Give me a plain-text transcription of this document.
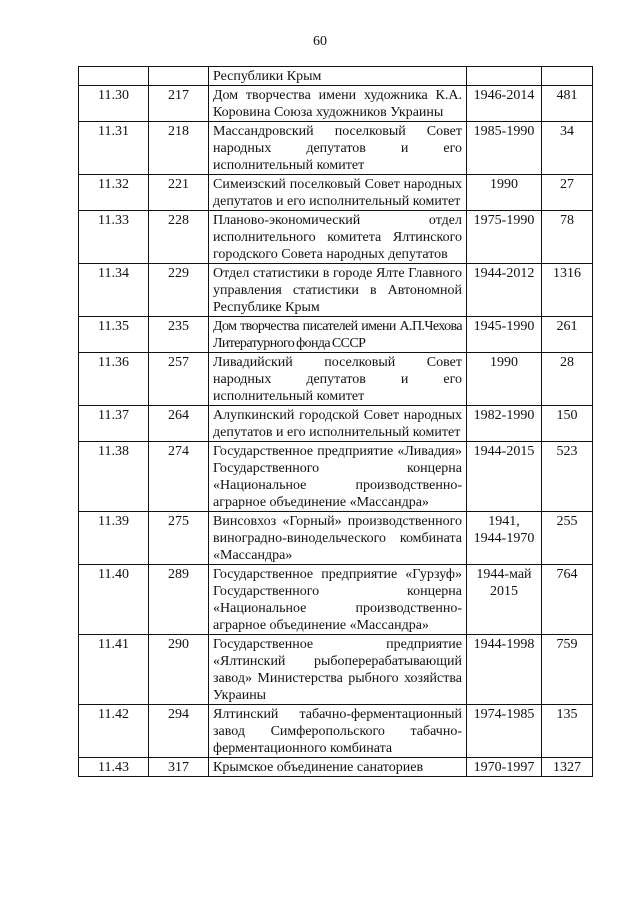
60
		Республики Крым		
11.30	217	Дом творчества имени художника К.А. Коровина Союза художников Украины	1946-2014	481
11.31	218	Массандровский поселковый Совет народных депутатов и его исполнительный комитет	1985-1990	34
11.32	221	Симеизский поселковый Совет народных депутатов и его исполнительный комитет	1990	27
11.33	228	Планово-экономический отдел исполнительного комитета Ялтинского городского Совета народных депутатов	1975-1990	78
11.34	229	Отдел статистики в городе Ялте Главного управления статистики в Автономной Республике Крым	1944-2012	1316
11.35	235	Дом творчества писателей имени А.П.Чехова Литературного фонда СССР	1945-1990	261
11.36	257	Ливадийский поселковый Совет народных депутатов и его исполнительный комитет	1990	28
11.37	264	Алупкинский городской Совет народных депутатов и его исполнительный комитет	1982-1990	150
11.38	274	Государственное предприятие «Ливадия» Государственного концерна «Национальное производственно-аграрное объединение «Массандра»	1944-2015	523
11.39	275	Винсовхоз «Горный» производственного виноградно-винодельческого комбината «Массандра»	1941, 1944-1970	255
11.40	289	Государственное предприятие «Гурзуф» Государственного концерна «Национальное производственно-аграрное объединение «Массандра»	1944-май 2015	764
11.41	290	Государственное предприятие «Ялтинский рыбоперерабатывающий завод» Министерства рыбного хозяйства Украины	1944-1998	759
11.42	294	Ялтинский табачно-ферментационный завод Симферопольского табачно-ферментационного комбината	1974-1985	135
11.43	317	Крымское объединение санаториев	1970-1997	1327
